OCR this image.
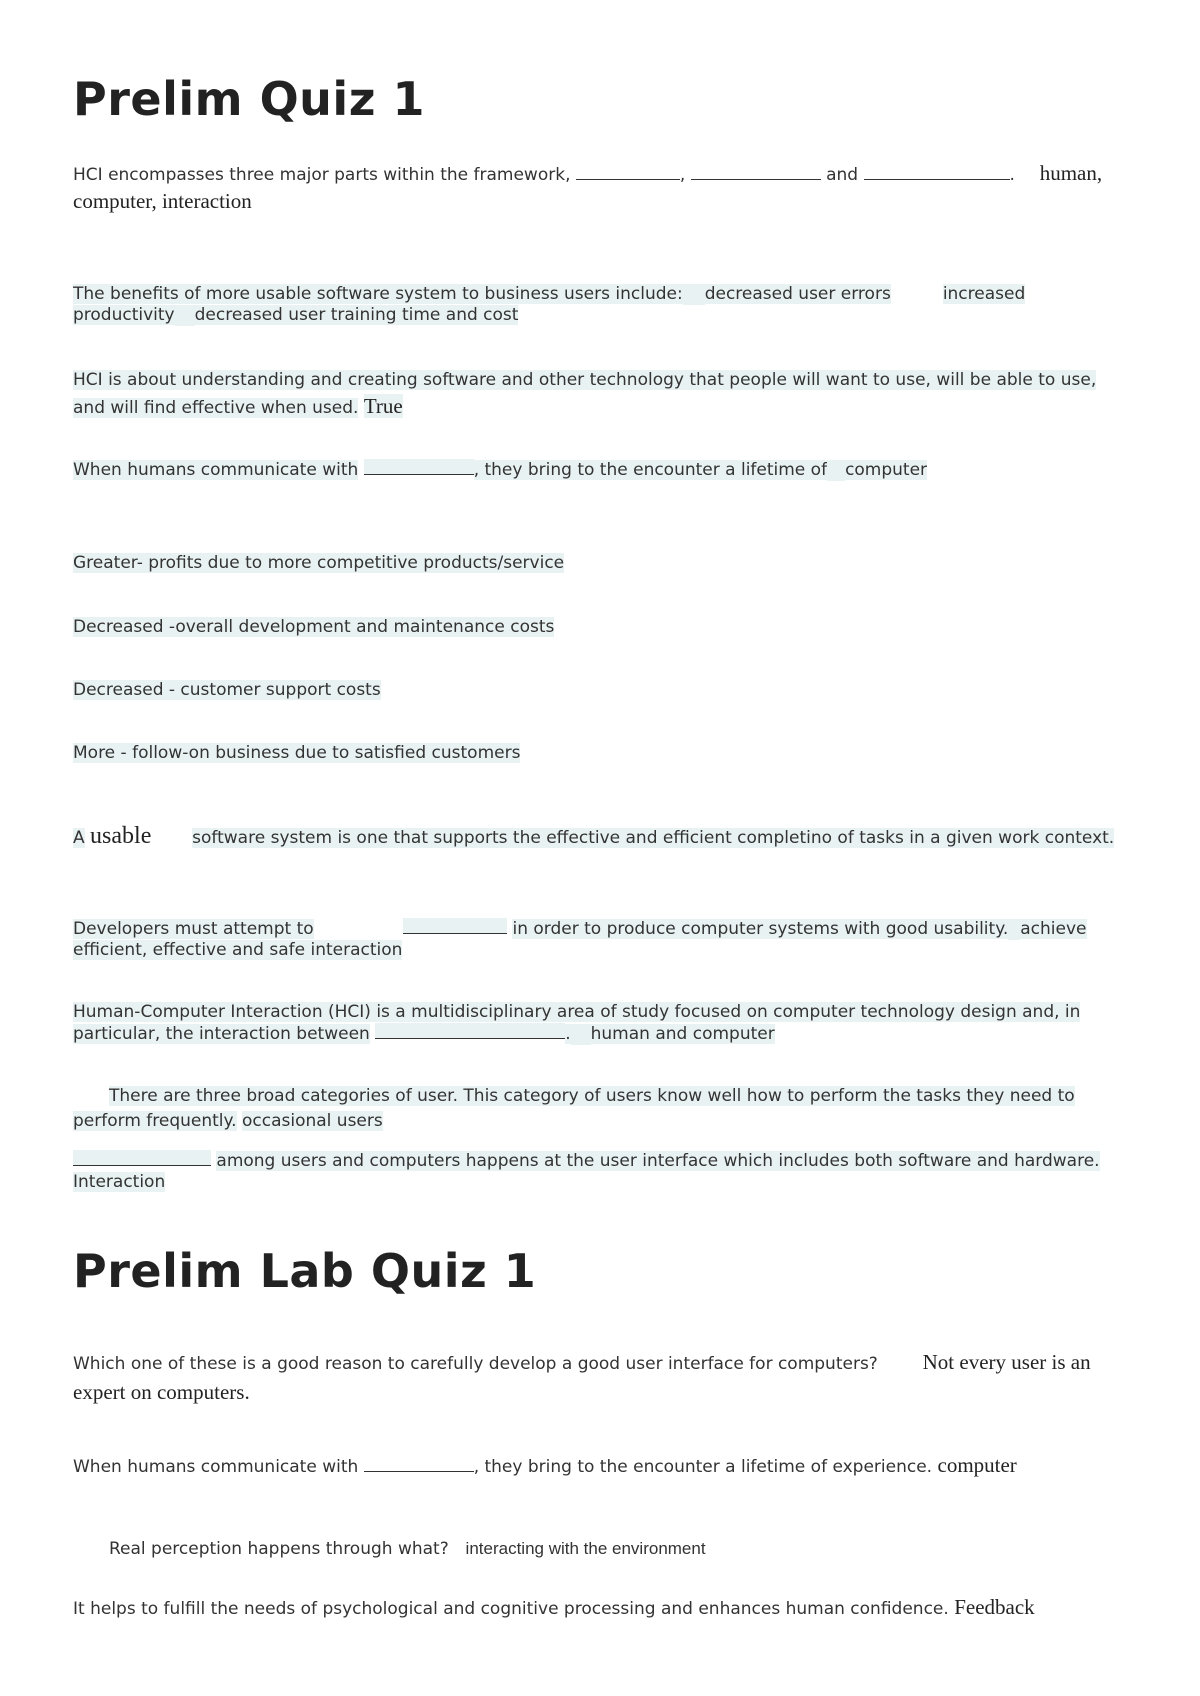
Prelim Quiz 1
HCI encompasses three major parts within the framework,	,	and	. human, computer, interaction
The benefits of more usable software system to business users include: decreased user errors	increased productivity decreased user training time and cost
HCI is about understanding and creating software and other technology that people will want to use, will be able to use, and will find effective when used. True
When humans communicate with	, they bring to the encounter a lifetime of computer
Greater- profits due to more competitive products/service
Decreased -overall development and maintenance costs
Decreased - customer support costs
More - follow-on business due to satisfied customers
A usable software system is one that supports the effective and efficient completino of tasks in a given work context.
Developers must attempt to	in order to produce computer systems with good usability. achieve efficient, effective and safe interaction
Human-Computer Interaction (HCI) is a multidisciplinary area of study focused on computer technology design and, in particular, the interaction between	. human and computer
There are three broad categories of user. This category of users know well how to perform the tasks they need to perform frequently. occasional users
among users and computers happens at the user interface which includes both software and hardware. Interaction
Prelim Lab Quiz 1
Which one of these is a good reason to carefully develop a good user interface for computers? Not every user is an expert on computers.
When humans communicate with	, they bring to the encounter a lifetime of experience. computer
Real perception happens through what? interacting with the environment
It helps to fulfill the needs of psychological and cognitive processing and enhances human confidence. Feedback
